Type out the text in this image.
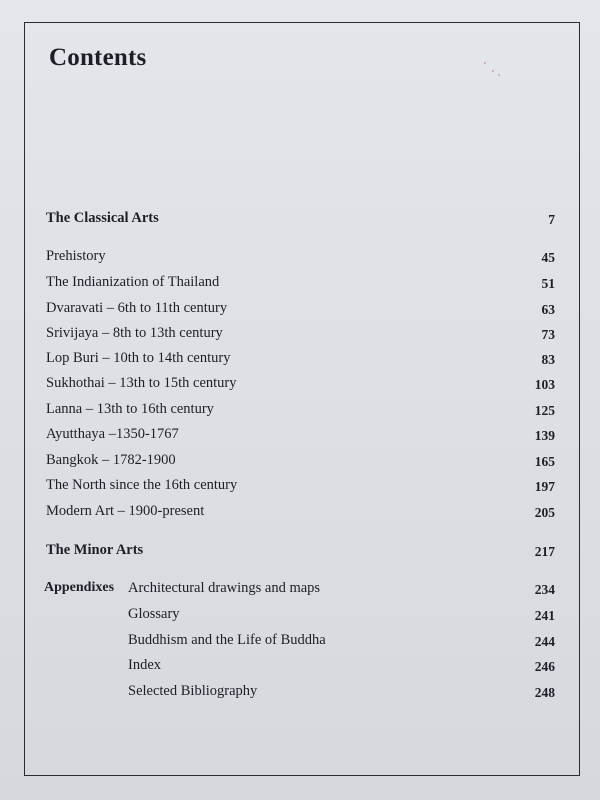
Contents
The Classical Arts	7
Prehistory	45
The Indianization of Thailand	51
Dvaravati – 6th to 11th century	63
Srivijaya – 8th to 13th century	73
Lop Buri – 10th to 14th century	83
Sukhothai – 13th to 15th century	103
Lanna – 13th to 16th century	125
Ayutthaya –1350-1767	139
Bangkok – 1782-1900	165
The North since the 16th century	197
Modern Art – 1900-present	205
The Minor Arts	217
Appendixes Architectural drawings and maps	234
Glossary	241
Buddhism and the Life of Buddha	244
Index	246
Selected Bibliography	248
